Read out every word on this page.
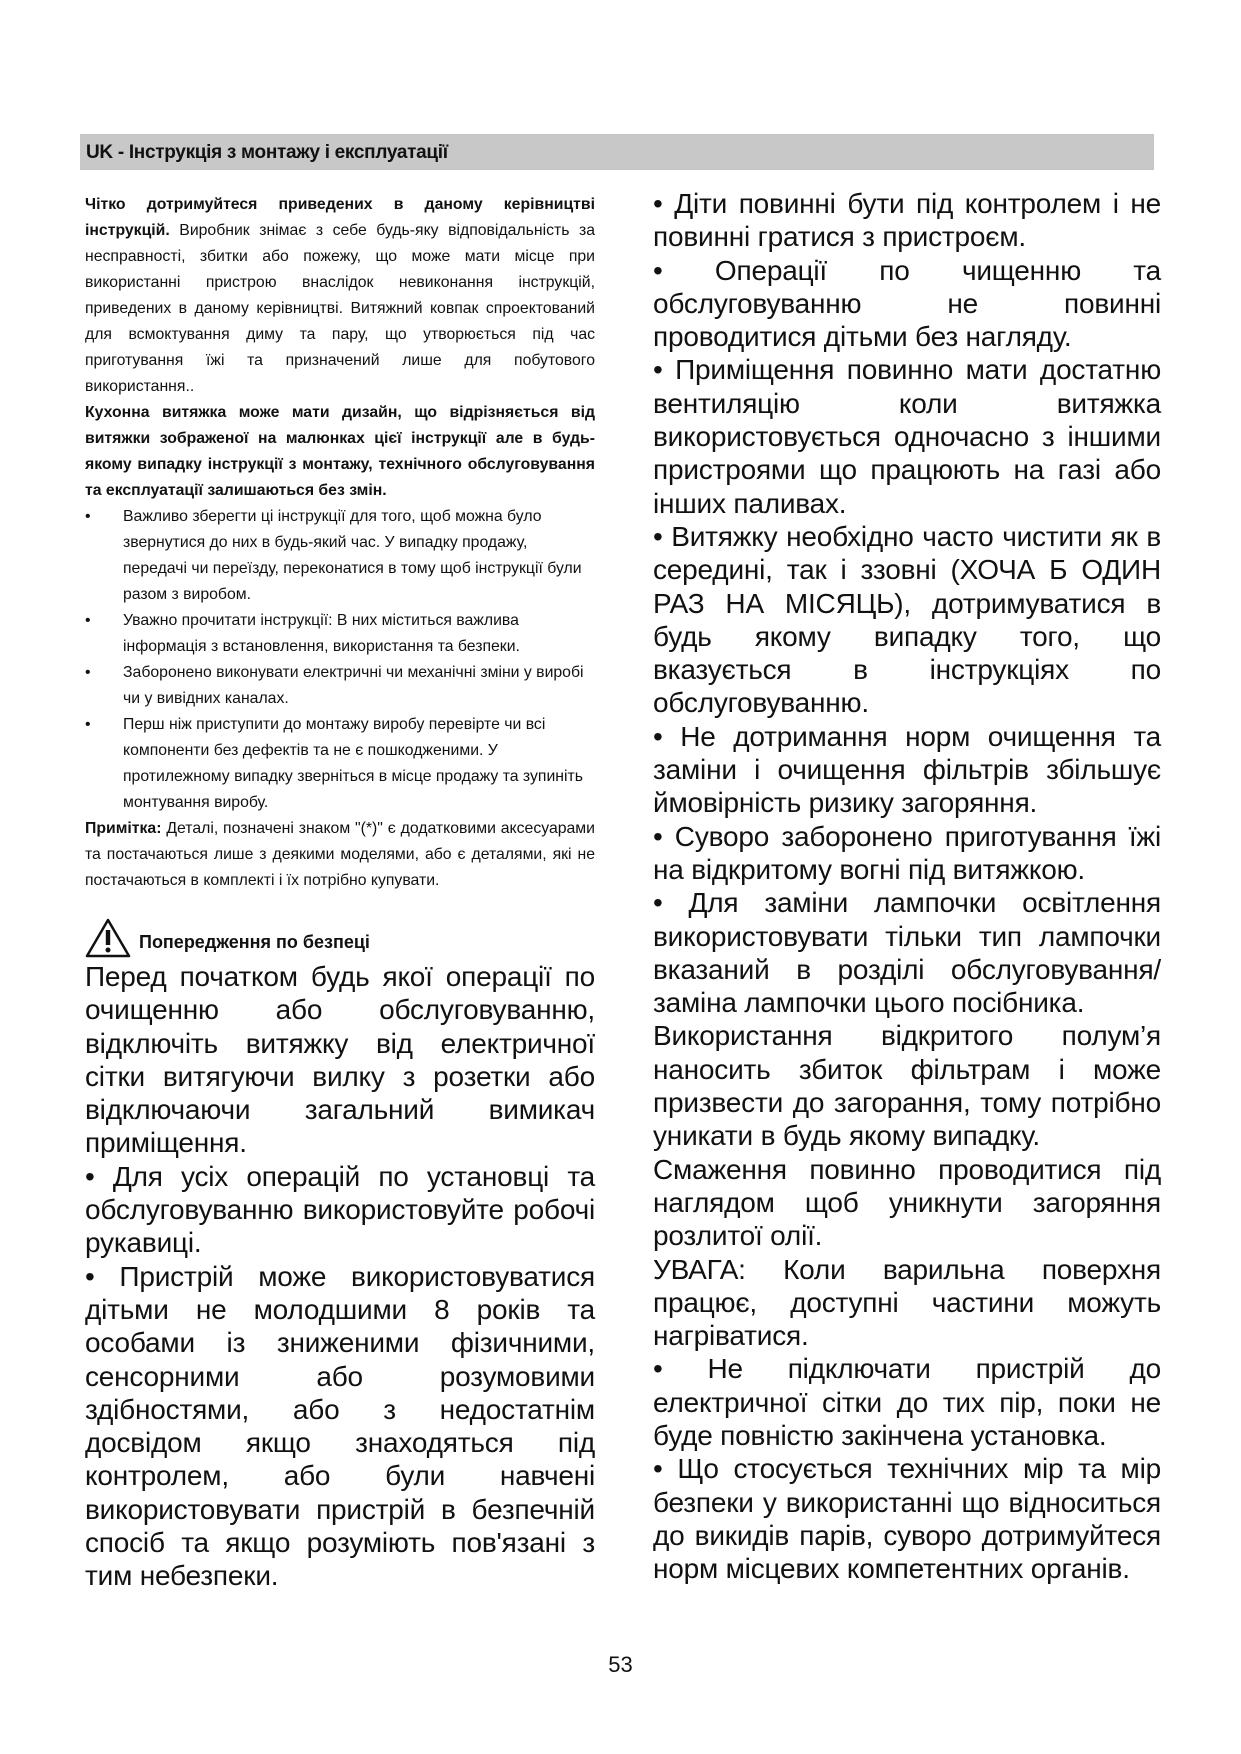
UK - Інструкція з монтажу і експлуатації

Чітко дотримуйтеся приведених в даному керівництві інструкцій. Виробник знімає з себе будь-яку відповідальність за несправності, збитки або пожежу, що може мати місце при використанні пристрою внаслідок невиконання інструкцій, приведених в даному керівництві. Витяжний ковпак спроектований для всмоктування диму та пару, що утворюється під час приготування їжі та призначений лише для побутового використання..

Кухонна витяжка може мати дизайн, що відрізняється від витяжки зображеної на малюнках цієї інструкції але в будь-якому випадку інструкції з монтажу, технічного обслуговування та експлуатації залишаються без змін.

• Важливо зберегти ці інструкції для того, щоб можна було звернутися до них в будь-який час. У випадку продажу, передачі чи переїзду, переконатися в тому щоб інструкції були разом з виробом.
• Уважно прочитати інструкції: В них міститься важлива інформація з встановлення, використання та безпеки.
• Заборонено виконувати електричні чи механічні зміни у виробі чи у вивідних каналах.
• Перш ніж приступити до монтажу виробу перевірте чи всі компоненти без дефектів та не є пошкодженими. У протилежному випадку зверніться в місце продажу та зупиніть монтування виробу.

Примітка: Деталі, позначені знаком "(*)" є додатковими аксесуарами та постачаються лише з деякими моделями, або є деталями, які не постачаються в комплекті і їх потрібно купувати.

Попередження по безпеці

Перед початком будь якої операції по очищенню або обслуговуванню, відключіть витяжку від електричної сітки витягуючи вилку з розетки або відключаючи загальний вимикач приміщення.

• Для усіх операцій по установці та обслуговуванню використовуйте робочі рукавиці.

• Пристрій може використовуватися дітьми не молодшими 8 років та особами із зниженими фізичними, сенсорними або розумовими здібностями, або з недостатнім досвідом якщо знаходяться під контролем, або були навчені використовувати пристрій в безпечній спосіб та якщо розуміють пов'язані з тим небезпеки.

• Діти повинні бути під контролем і не повинні гратися з пристроєм.

• Операції по чищенню та обслуговуванню не повинні проводитися дітьми без нагляду.

• Приміщення повинно мати достатню вентиляцію коли витяжка використовується одночасно з іншими пристроями що працюють на газі або інших паливах.

• Витяжку необхідно часто чистити як в середині, так і ззовні (ХОЧА Б ОДИН РАЗ НА МІСЯЦЬ), дотримуватися в будь якому випадку того, що вказується в інструкціях по обслуговуванню.

• Не дотримання норм очищення та заміни і очищення фільтрів збільшує ймовірність ризику загоряння.

• Суворо заборонено приготування їжі на відкритому вогні під витяжкою.

• Для заміни лампочки освітлення використовувати тільки тип лампочки вказаний в розділі обслуговування/заміна лампочки цього посібника.

Використання відкритого полум’я наносить збиток фільтрам і може призвести до загорання, тому потрібно уникати в будь якому випадку.

Смаження повинно проводитися під наглядом щоб уникнути загоряння розлитої олії.

УВАГА: Коли варильна поверхня працює, доступні частини можуть нагріватися.

• Не підключати пристрій до електричної сітки до тих пір, поки не буде повністю закінчена установка.

• Що стосується технічних мір та мір безпеки у використанні що відноситься до викидів парів, суворо дотримуйтеся норм місцевих компетентних органів.

53
